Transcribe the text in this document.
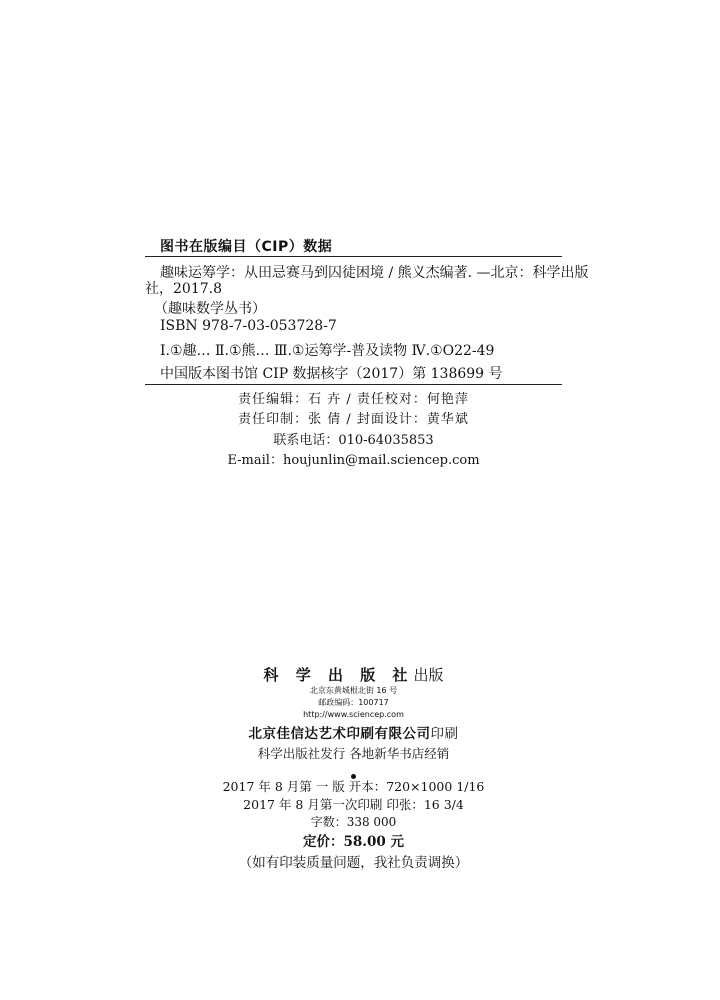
图书在版编目（CIP）数据
趣味运筹学：从田忌赛马到囚徒困境 / 熊义杰编著. —北京：科学出版
社，2017.8
（趣味数学丛书）
ISBN 978-7-03-053728-7
Ⅰ.①趣… Ⅱ.①熊… Ⅲ.①运筹学-普及读物 Ⅳ.①O22-49
中国版本图书馆 CIP 数据核字（2017）第 138699 号
责任编辑：石 卉 / 责任校对：何艳萍
责任印制：张 倩 / 封面设计：黄华斌
联系电话：010-64035853
E-mail：houjunlin@mail.sciencep.com
科 学 出 版 社出版
北京东黄城根北街 16 号
邮政编码：100717
http://www.sciencep.com
北京佳信达艺术印刷有限公司印刷
科学出版社发行 各地新华书店经销
2017 年 8 月第 一 版 开本：720×1000 1/16
2017 年 8 月第一次印刷 印张：16 3/4
字数：338 000
定价：58.00 元
（如有印装质量问题，我社负责调换）
